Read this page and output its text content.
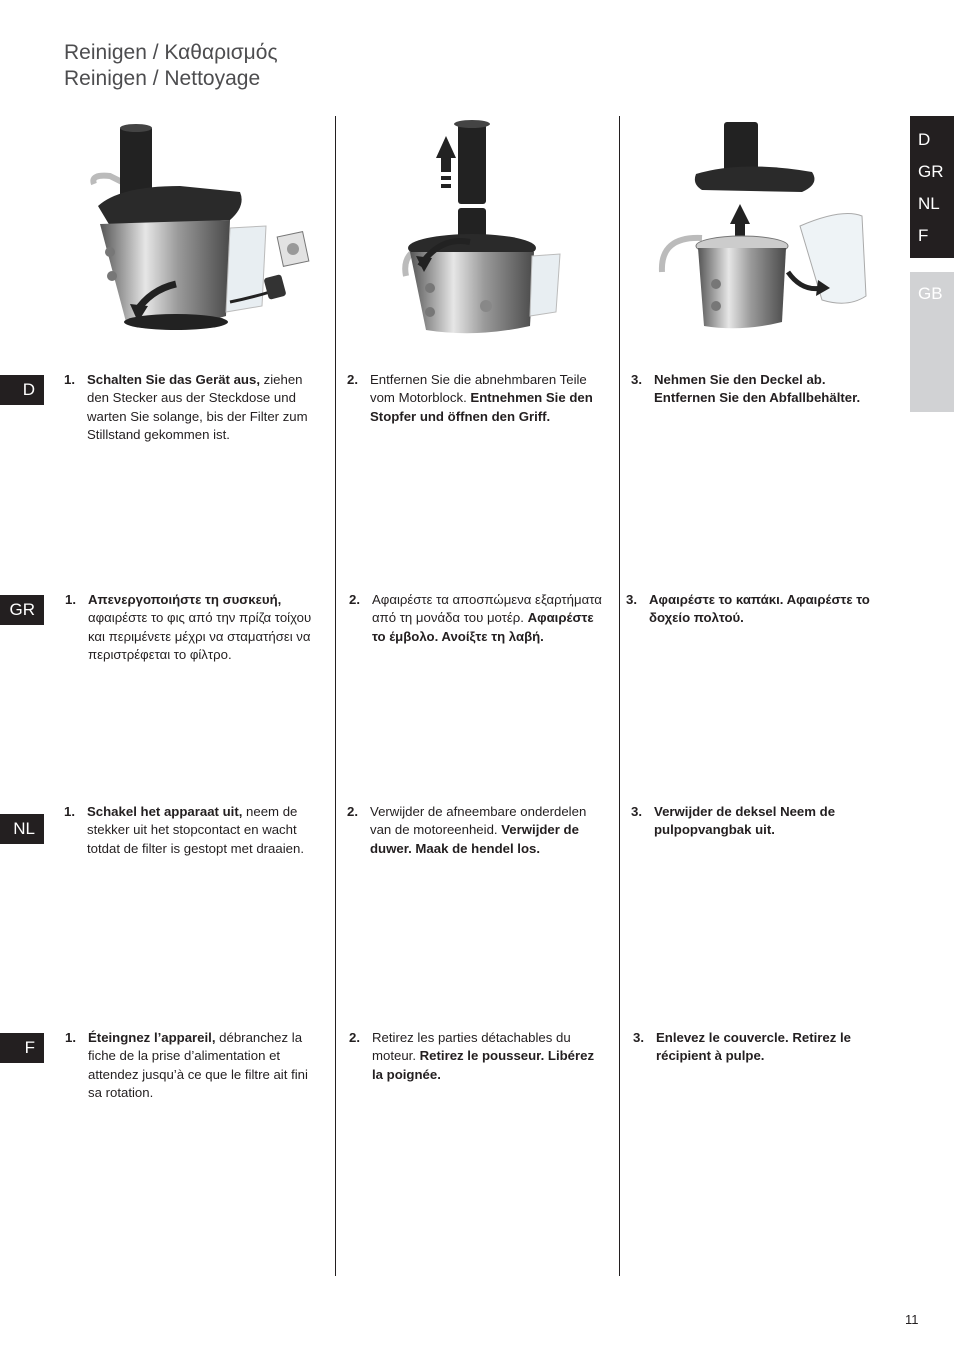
Reinigen / Καθαρισμός
Reinigen / Nettoyage
D
GR
NL
F
GB
D
1. Schalten Sie das Gerät aus, ziehen den Stecker aus der Steckdose und warten Sie solange, bis der Filter zum Stillstand gekommen ist.
2. Entfernen Sie die abnehmbaren Teile vom Motorblock. Entnehmen Sie den Stopfer und öffnen den Griff.
3. Nehmen Sie den Deckel ab. Entfernen Sie den Abfallbehälter.
GR
1. Απενεργοποιήστε τη συσκευή, αφαιρέστε το φις από την πρίζα τοίχου και περιμένετε μέχρι να σταματήσει να περιστρέφεται το φίλτρο.
2. Αφαιρέστε τα αποσπώμενα εξαρτήματα από τη μονάδα του μοτέρ. Αφαιρέστε το έμβολο. Ανοίξτε τη λαβή.
3. Αφαιρέστε το καπάκι. Αφαιρέστε το δοχείο πολτού.
NL
1. Schakel het apparaat uit, neem de stekker uit het stopcontact en wacht totdat de filter is gestopt met draaien.
2. Verwijder de afneembare onderdelen van de motoreenheid. Verwijder de duwer. Maak de hendel los.
3. Verwijder de deksel Neem de pulpopvangbak uit.
F
1. Éteingnez l’appareil, débranchez la fiche de la prise d’alimentation et attendez jusqu’à ce que le filtre ait fini sa rotation.
2. Retirez les parties détachables du moteur. Retirez le pousseur. Libérez la poignée.
3. Enlevez le couvercle. Retirez le récipient à pulpe.
11
